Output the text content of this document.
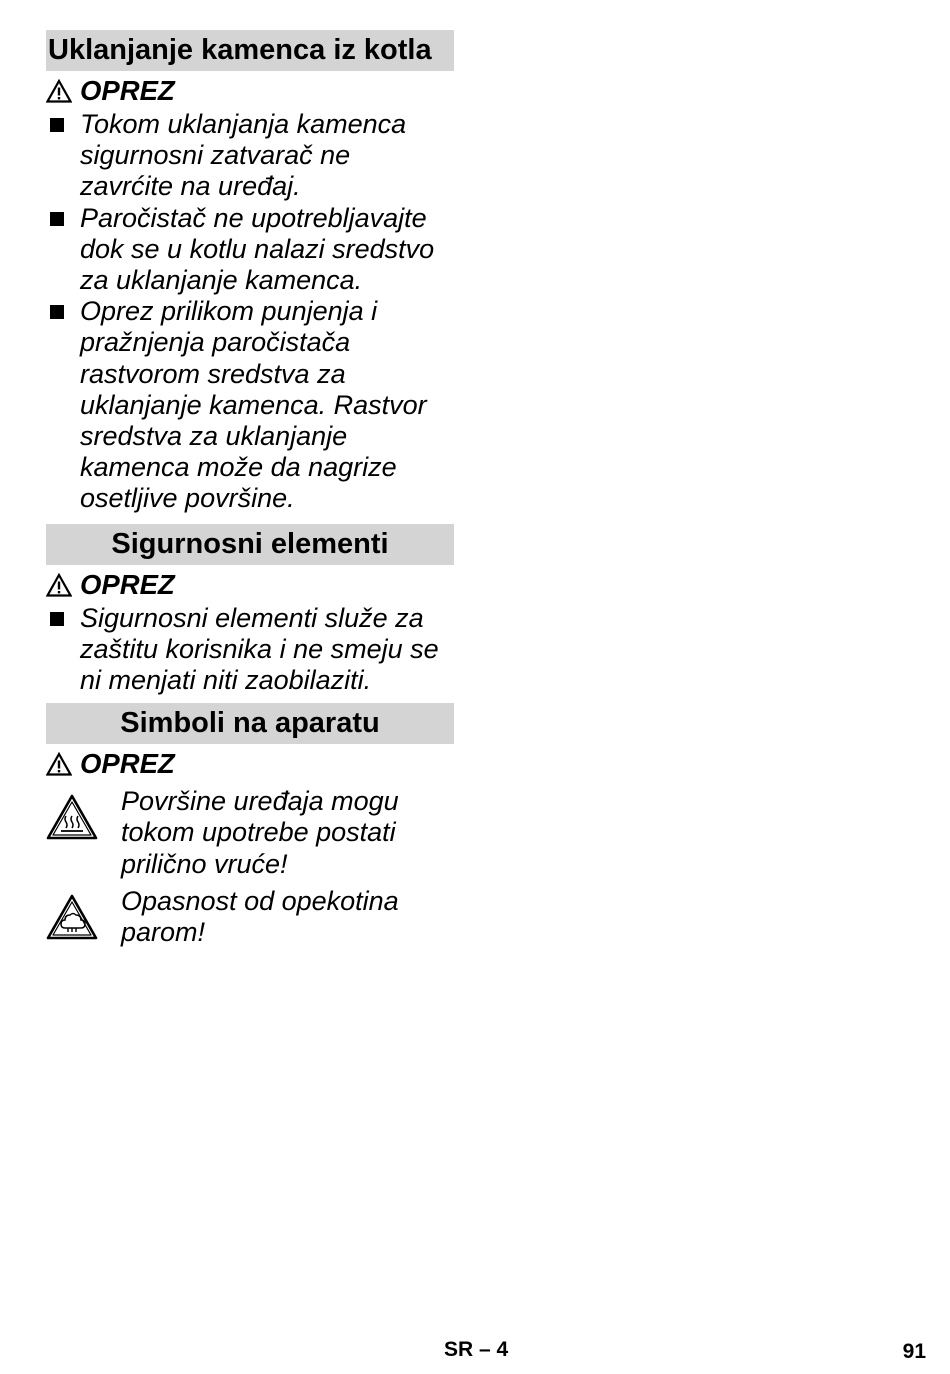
Uklanjanje kamenca iz kotla
OPREZ
Tokom uklanjanja kamenca
sigurnosni zatvarač ne
zavrćite na uređaj.
Paročistač ne upotrebljavajte
dok se u kotlu nalazi sredstvo
za uklanjanje kamenca.
Oprez prilikom punjenja i
pražnjenja paročistača
rastvorom sredstva za
uklanjanje kamenca. Rastvor
sredstva za uklanjanje
kamenca može da nagrize
osetljive površine.
Sigurnosni elementi
OPREZ
Sigurnosni elementi služe za
zaštitu korisnika i ne smeju se
ni menjati niti zaobilaziti.
Simboli na aparatu
OPREZ
Površine uređaja mogu
tokom upotrebe postati
prilično vruće!
Opasnost od opekotina
parom!
SR – 4	91
